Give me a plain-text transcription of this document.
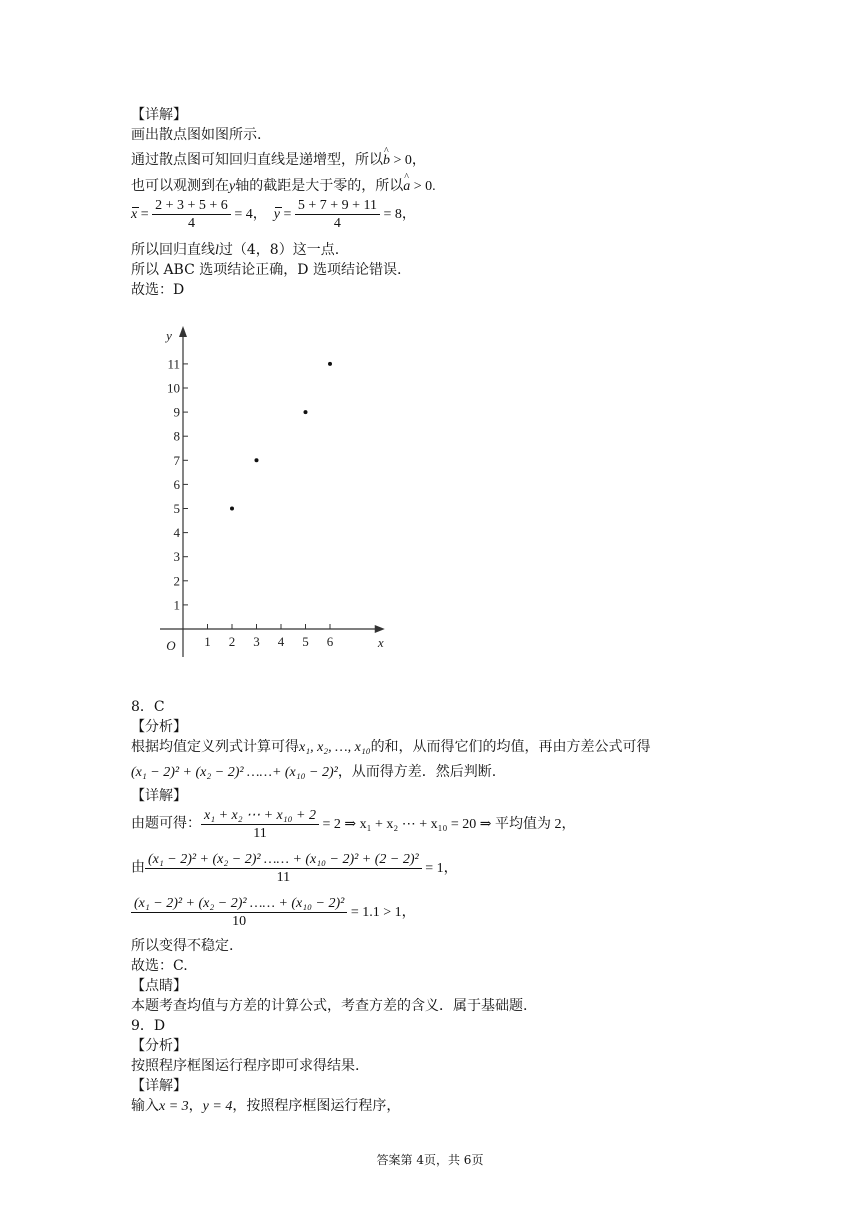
【详解】
画出散点图如图所示.
通过散点图可知回归直线是递增型，所以^ b > 0，
也可以观测到在y轴的截距是大于零的，所以^ a > 0.
$x = \frac{2 + 3 + 5 + 6}{4} = 4$， $y = \frac{5 + 7 + 9 + 11}{4} = 8$，
所以回归直线l过（4，8）这一点.
所以 ABC 选项结论正确，D 选项结论错误.
故选：D
1 2 3 4 5 6
1
2
3
4
5
6
7
8
9
10
11
O	x
y
8．C
【分析】
根据均值定义列式计算可得x₁, x₂, …, x₁₀的和，从而得它们的均值，再由方差公式可得
(x₁ − 2)² + (x₂ − 2)² ……+ (x₁₀ − 2)²，从而得方差．然后判断.
【详解】
由题可得： $\frac{\text{x₁ + x₂ ⋯ + x₁₀ + 2}}{11} = 2$ ⇒ x₁ + x₂ ⋯ + x₁₀ = 20 ⇒ 平均值为 2，
由 $\frac{\text{(x₁ − 2)² + (x₂ − 2)² …… + (x₁₀ − 2)² + (2 − 2)²}}{11} = 1$，
$\frac{\text{(x₁ − 2)² + (x₂ − 2)² …… + (x₁₀ − 2)²}}{10} = 1.1 > 1$，
所以变得不稳定.
故选：C.
【点睛】
本题考查均值与方差的计算公式，考查方差的含义．属于基础题.
9．D
【分析】
按照程序框图运行程序即可求得结果.
【详解】
输入x = 3，y = 4，按照程序框图运行程序，
答案第 4页，共 6页
